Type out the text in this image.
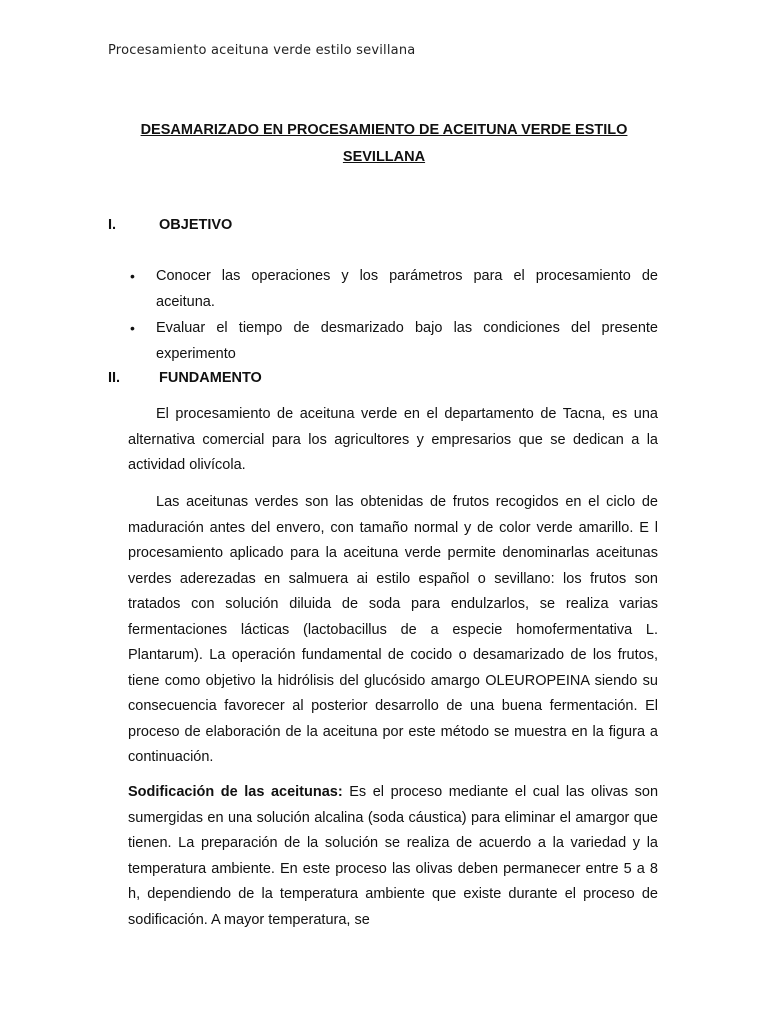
Procesamiento aceituna verde estilo sevillana
DESAMARIZADO EN PROCESAMIENTO DE ACEITUNA VERDE ESTILO
SEVILLANA
I.	OBJETIVO
• Conocer las operaciones y los parámetros para el procesamiento de aceituna.
• Evaluar el tiempo de desmarizado bajo las condiciones del presente experimento
II.	FUNDAMENTO

El procesamiento de aceituna verde en el departamento de Tacna, es una alternativa comercial para los agricultores y empresarios que se dedican a la actividad olivícola.

Las aceitunas verdes son las obtenidas de frutos recogidos en el ciclo de maduración antes del envero, con tamaño normal y de color verde amarillo. E l procesamiento aplicado para la aceituna verde permite denominarlas aceitunas verdes aderezadas en salmuera ai estilo español o sevillano: los frutos son tratados con solución diluida de soda para endulzarlos, se realiza varias fermentaciones lácticas (lactobacillus de a especie homofermentativa L. Plantarum). La operación fundamental de cocido o desamarizado de los frutos, tiene como objetivo la hidrólisis del glucósido amargo OLEUROPEINA siendo su consecuencia favorecer al posterior desarrollo de una buena fermentación. El proceso de elaboración de la aceituna por este método se muestra en la figura a continuación.

Sodificación de las aceitunas: Es el proceso mediante el cual las olivas son sumergidas en una solución alcalina (soda cáustica) para eliminar el amargor que tienen. La preparación de la solución se realiza de acuerdo a la variedad y la temperatura ambiente. En este proceso las olivas deben permanecer entre 5 a 8 h, dependiendo de la temperatura ambiente que existe durante el proceso de sodificación. A mayor temperatura, se
